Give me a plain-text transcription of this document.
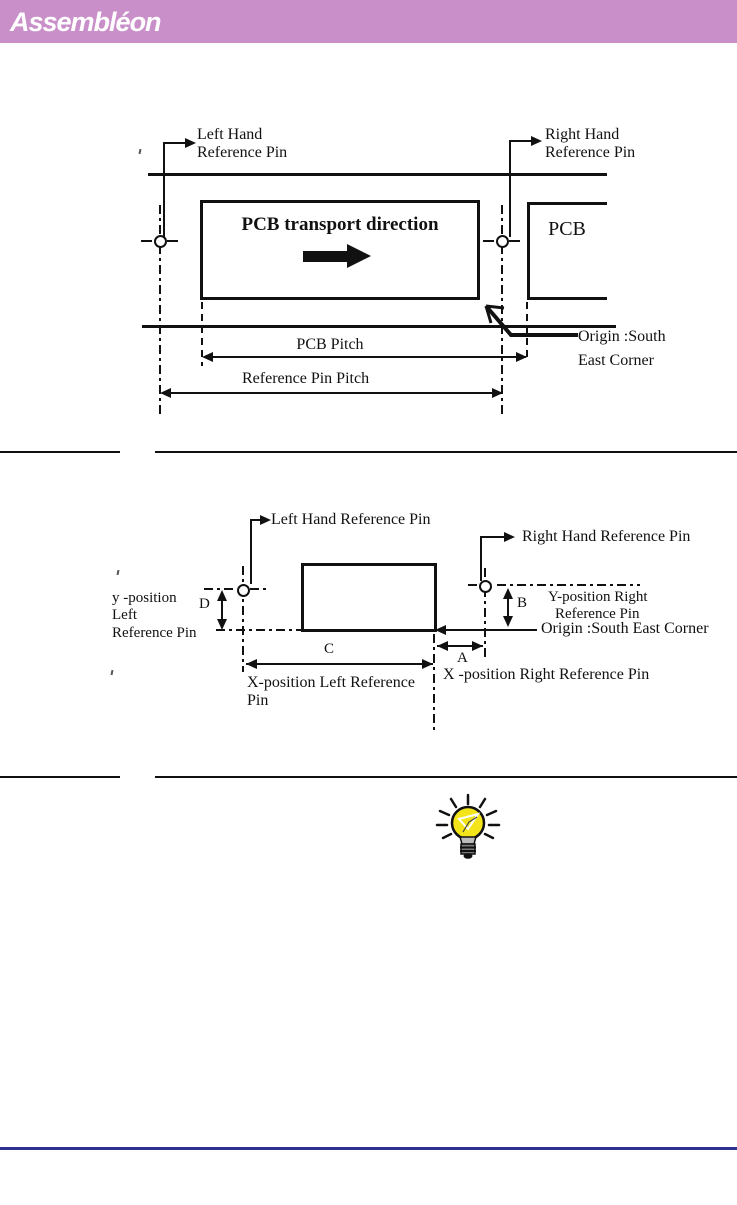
Assembléon
Left Hand
Reference Pin
Right Hand
Reference Pin
PCB transport direction	PCB
PCB Pitch
Reference Pin Pitch
Origin :South
East Corner
Left Hand Reference Pin
Right Hand Reference Pin
Origin :South East Corner
D	B
y -position
Left
Reference Pin
Y-position Right
Reference Pin
C
A
X-position Left Reference
Pin
X -position Right Reference Pin
